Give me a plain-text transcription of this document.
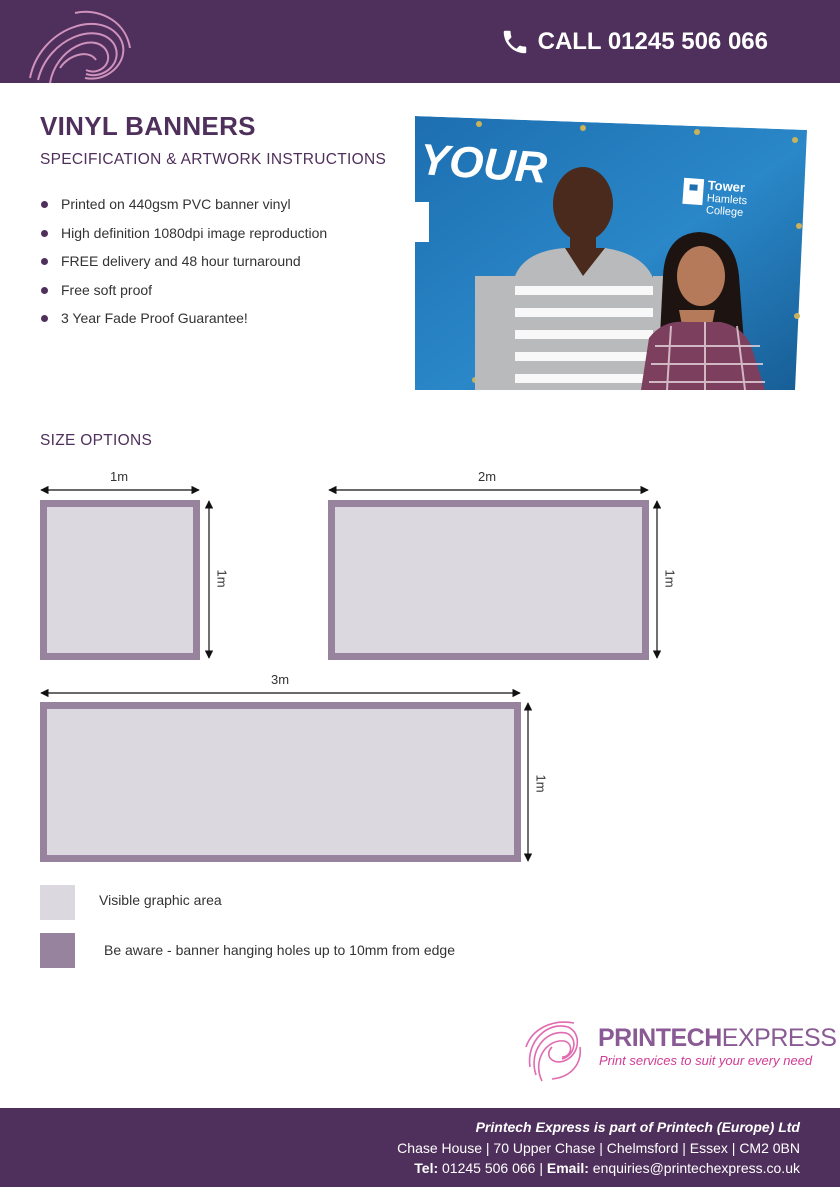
CALL 01245 506 066
VINYL BANNERS
SPECIFICATION & ARTWORK INSTRUCTIONS
Printed on 440gsm PVC banner vinyl
High definition 1080dpi image reproduction
FREE delivery and 48 hour turnaround
Free soft proof
3 Year Fade Proof Guarantee!
YOUR	Tower
Hamlets
College
SIZE OPTIONS
1m
1m
2m
1m
3m
1m
Visible graphic area
Be aware - banner hanging holes up to 10mm from edge
PRINTECHEXPRESS
Print services to suit your every need
Printech Express is part of Printech (Europe) Ltd
Chase House | 70 Upper Chase | Chelmsford | Essex | CM2 0BN
Tel: 01245 506 066 | Email: enquiries@printechexpress.co.uk
